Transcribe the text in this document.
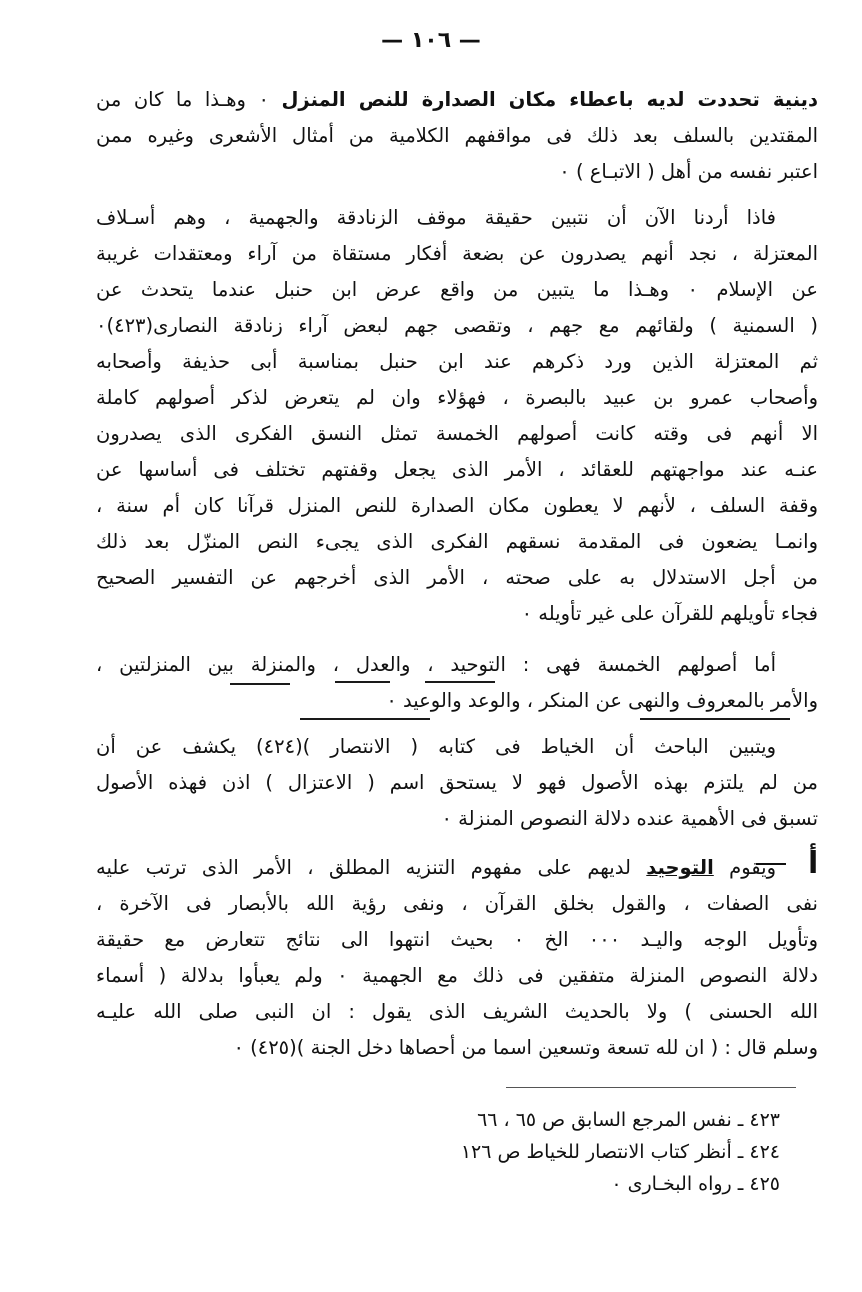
— ١٠٦ —
دينية تحددت لديه باعطاء مكان الصدارة للنص المنزل ٠ وهـذا ما كان من
المقتدين بالسلف بعد ذلك فى مواقفهم الكلامية من أمثال الأشعرى وغيره ممن
اعتبر نفسه من أهل ( الاتبـاع ) ٠
فاذا أردنا الآن أن نتبين حقيقة موقف الزنادقة والجهمية ، وهم أسـلاف
المعتزلة ، نجد أنهم يصدرون عن بضعة أفكار مستقاة من آراء ومعتقدات غريبة
عن الإسلام ٠ وهـذا ما يتبين من واقع عرض ابن حنبل عندما يتحدث عن
( السمنية ) ولقائهم مع جهم ، وتقصى جهم لبعض آراء زنادقة النصارى(٤٢٣)٠
ثم المعتزلة الذين ورد ذكرهم عند ابن حنبل بمناسبة أبى حذيفة وأصحابه
وأصحاب عمرو بن عبيد بالبصرة ، فهؤلاء وان لم يتعرض لذكر أصولهم كاملة
الا أنهم فى وقته كانت أصولهم الخمسة تمثل النسق الفكرى الذى يصدرون
عنـه عند مواجهتهم للعقائد ، الأمر الذى يجعل وقفتهم تختلف فى أساسها عن
وقفة السلف ، لأنهم لا يعطون مكان الصدارة للنص المنزل قرآنا كان أم سنة ،
وانمـا يضعون فى المقدمة نسقهم الفكرى الذى يجىء النص المنزّل بعد ذلك
من أجل الاستدلال به على صحته ، الأمر الذى أخرجهم عن التفسير الصحيح
فجاء تأويلهم للقرآن على غير تأويله ٠
أما أصولهم الخمسة فهى : التوحيد ، والعدل ، والمنزلة بين المنزلتين ،
والأمر بالمعروف والنهى عن المنكر ، والوعد والوعيد ٠
ويتبين الباحث أن الخياط فى كتابه ( الانتصار )(٤٢٤) يكشف عن أن
من لم يلتزم بهذه الأصول فهو لا يستحق اسم ( الاعتزال ) اذن فهذه الأصول
تسبق فى الأهمية عنده دلالة النصوص المنزلة ٠
أ
ويقوم التوحيد لديهم على مفهوم التنزيه المطلق ، الأمر الذى ترتب عليه
نفى الصفات ، والقول بخلق القرآن ، ونفى رؤية الله بالأبصار فى الآخرة ،
وتأويل الوجه واليـد ٠٠٠ الخ ٠ بحيث انتهوا الى نتائج تتعارض مع حقيقة
دلالة النصوص المنزلة متفقين فى ذلك مع الجهمية ٠ ولم يعبأوا بدلالة ( أسماء
الله الحسنى ) ولا بالحديث الشريف الذى يقول : ان النبى صلى الله عليـه
وسلم قال : ( ان لله تسعة وتسعين اسما من أحصاها دخل الجنة )(٤٢٥) ٠
٤٢٣ ـ نفس المرجع السابق ص ٦٥ ، ٦٦
٤٢٤ ـ أنظر كتاب الانتصار للخياط ص ١٢٦
٤٢٥ ـ رواه البخـارى ٠
